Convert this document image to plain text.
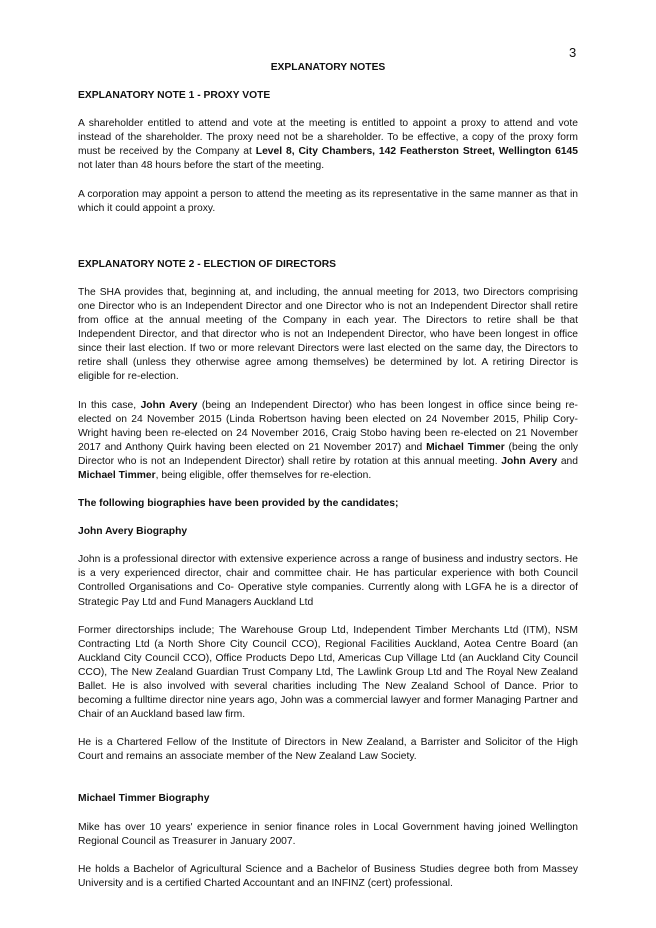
3
EXPLANATORY NOTES
EXPLANATORY NOTE 1 - PROXY VOTE

A shareholder entitled to attend and vote at the meeting is entitled to appoint a proxy to attend and vote instead of the shareholder. The proxy need not be a shareholder. To be effective, a copy of the proxy form must be received by the Company at Level 8, City Chambers, 142 Featherston Street, Wellington 6145 not later than 48 hours before the start of the meeting.

A corporation may appoint a person to attend the meeting as its representative in the same manner as that in which it could appoint a proxy.

EXPLANATORY NOTE 2 - ELECTION OF DIRECTORS

The SHA provides that, beginning at, and including, the annual meeting for 2013, two Directors comprising one Director who is an Independent Director and one Director who is not an Independent Director shall retire from office at the annual meeting of the Company in each year. The Directors to retire shall be that Independent Director, and that director who is not an Independent Director, who have been longest in office since their last election. If two or more relevant Directors were last elected on the same day, the Directors to retire shall (unless they otherwise agree among themselves) be determined by lot. A retiring Director is eligible for re-election.

In this case, John Avery (being an Independent Director) who has been longest in office since being re-elected on 24 November 2015 (Linda Robertson having been elected on 24 November 2015, Philip Cory-Wright having been re-elected on 24 November 2016, Craig Stobo having been re-elected on 21 November 2017 and Anthony Quirk having been elected on 21 November 2017) and Michael Timmer (being the only Director who is not an Independent Director) shall retire by rotation at this annual meeting. John Avery and Michael Timmer, being eligible, offer themselves for re-election.

The following biographies have been provided by the candidates;
John Avery Biography

John is a professional director with extensive experience across a range of business and industry sectors. He is a very experienced director, chair and committee chair. He has particular experience with both Council Controlled Organisations and Co- Operative style companies. Currently along with LGFA he is a director of Strategic Pay Ltd and Fund Managers Auckland Ltd

Former directorships include; The Warehouse Group Ltd, Independent Timber Merchants Ltd (ITM), NSM Contracting Ltd (a North Shore City Council CCO), Regional Facilities Auckland, Aotea Centre Board (an Auckland City Council CCO), Office Products Depo Ltd, Americas Cup Village Ltd (an Auckland City Council CCO), The New Zealand Guardian Trust Company Ltd, The Lawlink Group Ltd and The Royal New Zealand Ballet. He is also involved with several charities including The New Zealand School of Dance. Prior to becoming a fulltime director nine years ago, John was a commercial lawyer and former Managing Partner and Chair of an Auckland based law firm.

He is a Chartered Fellow of the Institute of Directors in New Zealand, a Barrister and Solicitor of the High Court and remains an associate member of the New Zealand Law Society.

Michael Timmer Biography

Mike has over 10 years' experience in senior finance roles in Local Government having joined Wellington Regional Council as Treasurer in January 2007.

He holds a Bachelor of Agricultural Science and a Bachelor of Business Studies degree both from Massey University and is a certified Charted Accountant and an INFINZ (cert) professional.
